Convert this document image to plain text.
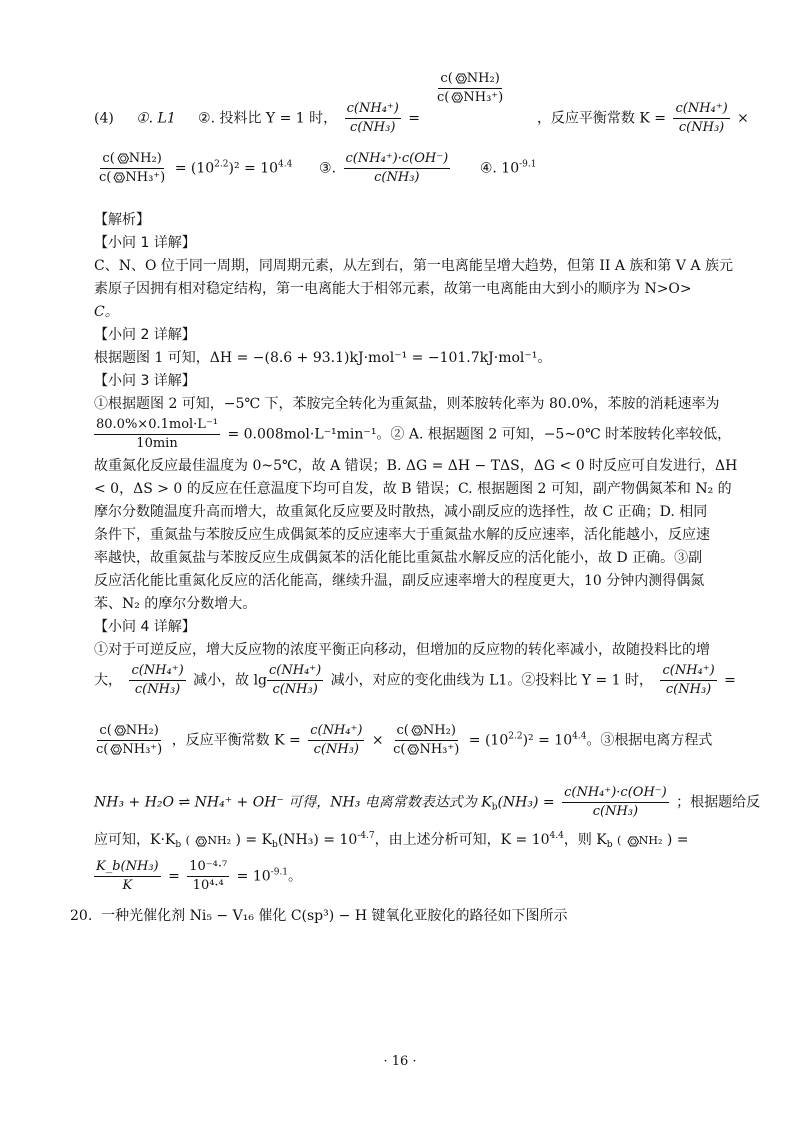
$\frac{\text{c( NH₂)}}{\text{c( NH₃⁺)}}$
(4) ①. L1 ②. 投料比 Y = 1 时， $\frac{\text{c(NH₄⁺)}}{\text{c(NH₃)}}$ =	，反应平衡常数 $K = \frac{\text{c(NH₄⁺)}}{\text{c(NH₃)}}$ ×
$\frac{\text{c( NH₂)}}{\text{c( NH₃⁺)}} = (10^{2.2})^2 = 10^{4.4}$ ③. $\frac{\text{c(NH₄⁺)·c(OH⁻)}}{\text{c(NH₃)}}$ ④. $10^{-9.1}$
【解析】
【小问 1 详解】
C、N、O 位于同一周期，同周期元素，从左到右，第一电离能呈增大趋势，但第 II A 族和第 V A 族元
素原子因拥有相对稳定结构，第一电离能大于相邻元素，故第一电离能由大到小的顺序为 N>O>
C。
【小问 2 详解】
根据题图 1 可知，ΔH = −(8.6 + 93.1)kJ·mol⁻¹ = −101.7kJ·mol⁻¹。
【小问 3 详解】
①根据题图 2 可知，−5℃ 下，苯胺完全转化为重氮盐，则苯胺转化率为 80.0%，苯胺的消耗速率为
$\frac{\text{80.0\%×0.1mol·L⁻¹}}{10\min} = 0.008mol\cdot L^{-1}\min^{-1}$。② A. 根据题图 2 可知，−5~0℃ 时苯胺转化率较低，
故重氮化反应最佳温度为 0~5℃，故 A 错误；B. ΔG = ΔH − TΔS，ΔG < 0 时反应可自发进行，ΔH
< 0，ΔS > 0 的反应在任意温度下均可自发，故 B 错误；C. 根据题图 2 可知，副产物偶氮苯和 N₂ 的
摩尔分数随温度升高而增大，故重氮化反应要及时散热，减小副反应的选择性，故 C 正确；D. 相同
条件下，重氮盐与苯胺反应生成偶氮苯的反应速率大于重氮盐水解的反应速率，活化能越小，反应速
率越快，故重氮盐与苯胺反应生成偶氮苯的活化能比重氮盐水解反应的活化能小，故 D 正确。③副
反应活化能比重氮化反应的活化能高，继续升温，副反应速率增大的程度更大，10 分钟内测得偶氮
苯、N₂ 的摩尔分数增大。
【小问 4 详解】
①对于可逆反应，增大反应物的浓度平衡正向移动，但增加的反应物的转化率减小，故随投料比的增
大， $\frac{\text{c(NH₄⁺)}}{\text{c(NH₃)}}$ 减小，故 $\lg \frac{\text{c(NH₄⁺)}}{\text{c(NH₃)}}$ 减小，对应的变化曲线为 L1。②投料比 Y = 1 时， $\frac{\text{c(NH₄⁺)}}{\text{c(NH₃)}}$ =
$\frac{\text{c( NH₂)}}{\text{c( NH₃⁺)}}$ ，反应平衡常数 $K = \frac{\text{c(NH₄⁺)}}{\text{c(NH₃)}} \times \frac{\text{c( NH₂)}}{\text{c( NH₃⁺)}} = (10^{2.2})^2 = 10^{4.4}$。③根据电离方程式
NH₃ + H₂O ⇌ NH₄⁺ + OH⁻ 可得，NH₃ 电离常数表达式为 $K_b(NH_3) = \frac{\text{c(NH₄⁺)·c(OH⁻)}}{\text{c(NH₃)}}$ ；根据题给反
应可知，$K\cdot K_b$ ( NH₂ ) = $K_b(NH_3) = 10^{-4.7}$，由上述分析可知，$K = 10^{4.4}$，则 $K_b$ ( NH₂ ) =
$\frac{\text{K\_b(NH₃)}}{K} = \frac{\text{10⁻⁴·⁷}}{\text{10⁴·⁴}} = 10^{-9.1}$。
20. 一种光催化剂 Ni₅ − V₁₆ 催化 C(sp³) − H 键氧化亚胺化的路径如下图所示
· 16 ·
